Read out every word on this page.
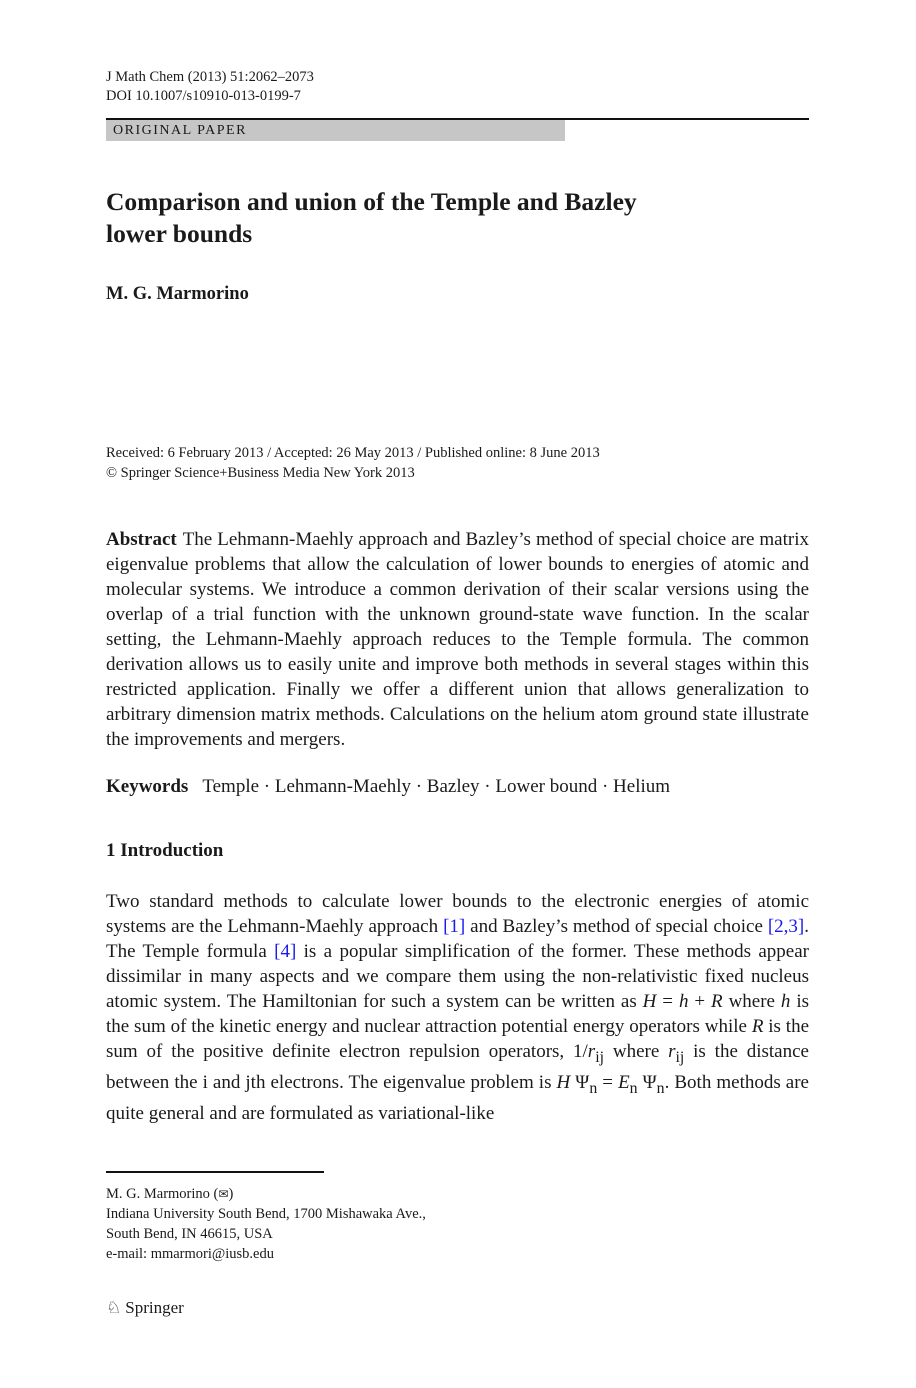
J Math Chem (2013) 51:2062–2073
DOI 10.1007/s10910-013-0199-7
ORIGINAL PAPER
Comparison and union of the Temple and Bazley
lower bounds
M. G. Marmorino
Received: 6 February 2013 / Accepted: 26 May 2013 / Published online: 8 June 2013
© Springer Science+Business Media New York 2013

Abstract The Lehmann-Maehly approach and Bazley’s method of special choice are matrix eigenvalue problems that allow the calculation of lower bounds to energies of atomic and molecular systems. We introduce a common derivation of their scalar versions using the overlap of a trial function with the unknown ground-state wave function. In the scalar setting, the Lehmann-Maehly approach reduces to the Temple formula. The common derivation allows us to easily unite and improve both methods in several stages within this restricted application. Finally we offer a different union that allows generalization to arbitrary dimension matrix methods. Calculations on the helium atom ground state illustrate the improvements and mergers.

Keywords Temple · Lehmann-Maehly · Bazley · Lower bound · Helium
1 Introduction

Two standard methods to calculate lower bounds to the electronic energies of atomic systems are the Lehmann-Maehly approach [1] and Bazley’s method of special choice [2,3]. The Temple formula [4] is a popular simplification of the former. These methods appear dissimilar in many aspects and we compare them using the non-relativistic fixed nucleus atomic system. The Hamiltonian for such a system can be written as H = h + R where h is the sum of the kinetic energy and nuclear attraction potential energy operators while R is the sum of the positive definite electron repulsion operators, $1/r_{ij}$ where $r_{ij}$ is the distance between the i and jth electrons. The eigenvalue problem is H $\Psi_n = E_n$ $\Psi_n$. Both methods are quite general and are formulated as variational-like

M. G. Marmorino (✉)
Indiana University South Bend, 1700 Mishawaka Ave.,
South Bend, IN 46615, USA
e-mail: mmarmori@iusb.edu
♘ Springer
